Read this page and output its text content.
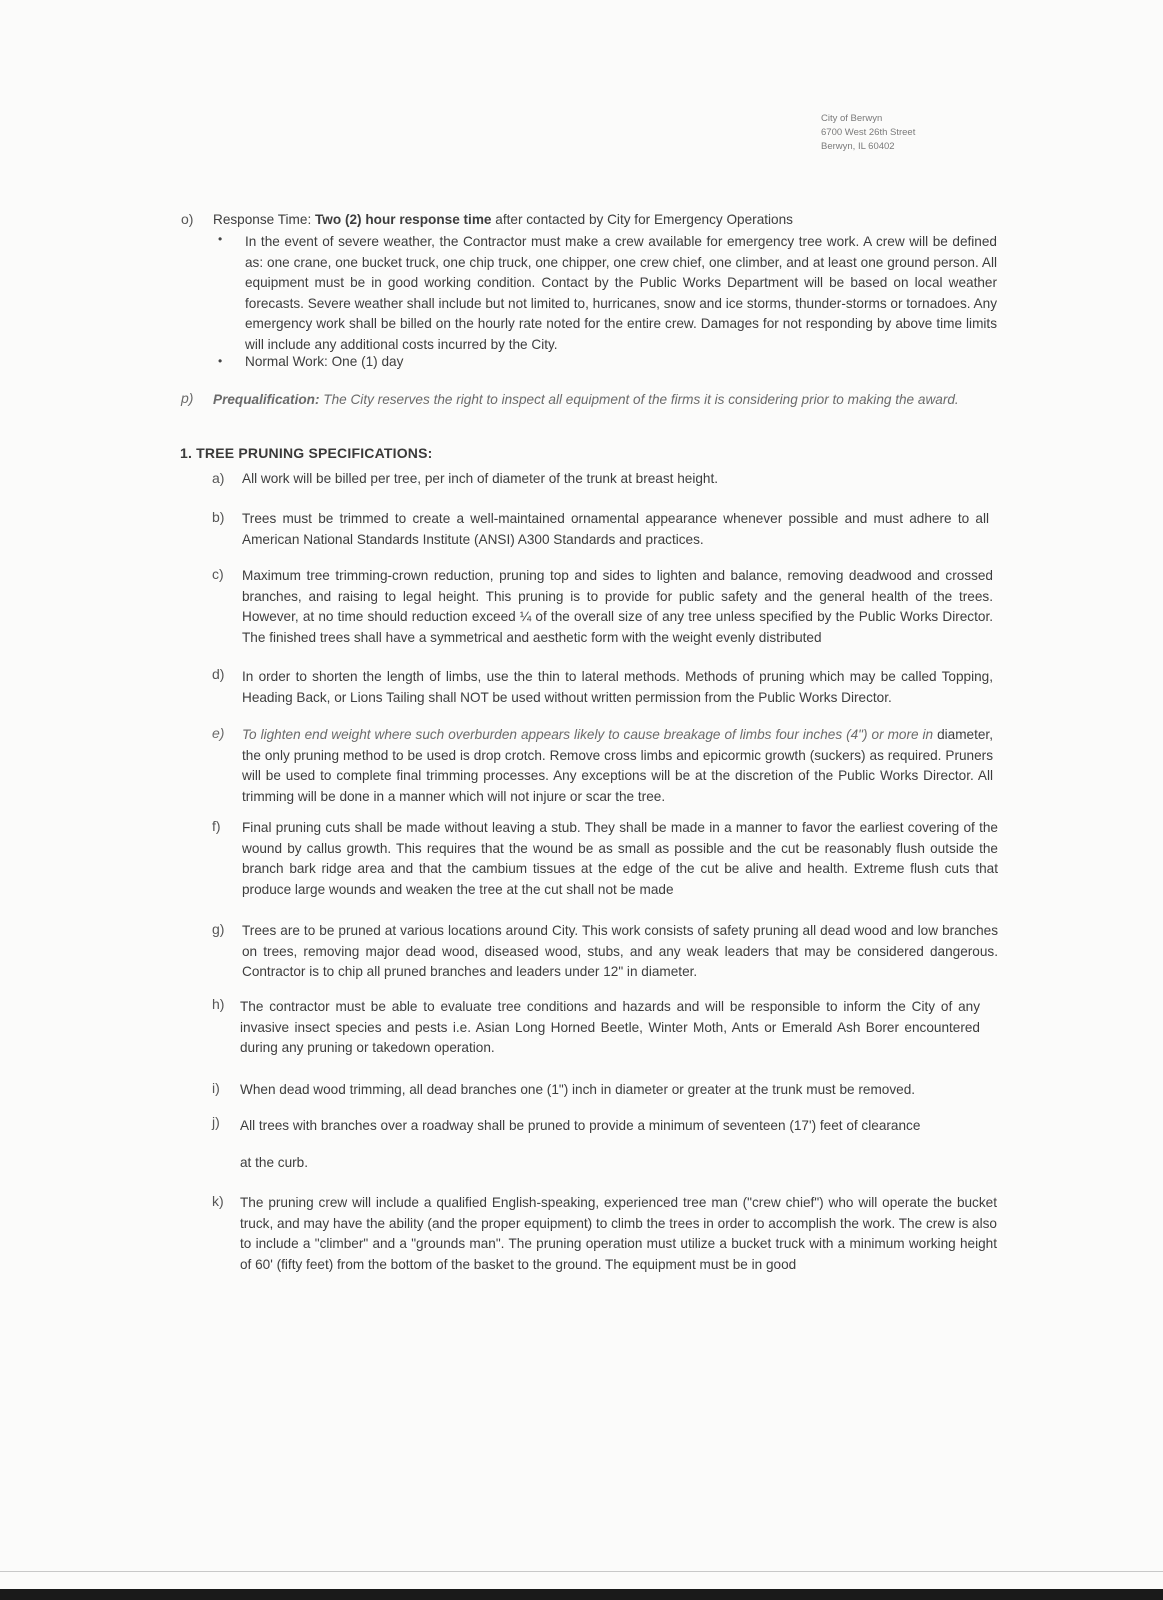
City of Berwyn
6700 West 26th Street
Berwyn, IL 60402
o) Response Time: Two (2) hour response time after contacted by City for Emergency Operations
• In the event of severe weather, the Contractor must make a crew available for emergency tree work. A crew will be defined as: one crane, one bucket truck, one chip truck, one chipper, one crew chief, one climber, and at least one ground person. All equipment must be in good working condition. Contact by the Public Works Department will be based on local weather forecasts. Severe weather shall include but not limited to, hurricanes, snow and ice storms, thunder-storms or tornadoes. Any emergency work shall be billed on the hourly rate noted for the entire crew. Damages for not responding by above time limits will include any additional costs incurred by the City.
• Normal Work: One (1) day
p) Prequalification: The City reserves the right to inspect all equipment of the firms it is considering prior to making the award.
1. TREE PRUNING SPECIFICATIONS:
a) All work will be billed per tree, per inch of diameter of the trunk at breast height.
b) Trees must be trimmed to create a well-maintained ornamental appearance whenever possible and must adhere to all American National Standards Institute (ANSI) A300 Standards and practices.
c) Maximum tree trimming-crown reduction, pruning top and sides to lighten and balance, removing deadwood and crossed branches, and raising to legal height. This pruning is to provide for public safety and the general health of the trees. However, at no time should reduction exceed ¼ of the overall size of any tree unless specified by the Public Works Director. The finished trees shall have a symmetrical and aesthetic form with the weight evenly distributed
d) In order to shorten the length of limbs, use the thin to lateral methods. Methods of pruning which may be called Topping, Heading Back, or Lions Tailing shall NOT be used without written permission from the Public Works Director.
e) To lighten end weight where such overburden appears likely to cause breakage of limbs four inches (4") or more in diameter, the only pruning method to be used is drop crotch. Remove cross limbs and epicormic growth (suckers) as required. Pruners will be used to complete final trimming processes. Any exceptions will be at the discretion of the Public Works Director. All trimming will be done in a manner which will not injure or scar the tree.
f) Final pruning cuts shall be made without leaving a stub. They shall be made in a manner to favor the earliest covering of the wound by callus growth. This requires that the wound be as small as possible and the cut be reasonably flush outside the branch bark ridge area and that the cambium tissues at the edge of the cut be alive and health. Extreme flush cuts that produce large wounds and weaken the tree at the cut shall not be made
g) Trees are to be pruned at various locations around City. This work consists of safety pruning all dead wood and low branches on trees, removing major dead wood, diseased wood, stubs, and any weak leaders that may be considered dangerous. Contractor is to chip all pruned branches and leaders under 12" in diameter.
h) The contractor must be able to evaluate tree conditions and hazards and will be responsible to inform the City of any invasive insect species and pests i.e. Asian Long Horned Beetle, Winter Moth, Ants or Emerald Ash Borer encountered during any pruning or takedown operation.
i) When dead wood trimming, all dead branches one (1") inch in diameter or greater at the trunk must be removed.
j) All trees with branches over a roadway shall be pruned to provide a minimum of seventeen (17') feet of clearance
at the curb.
k) The pruning crew will include a qualified English-speaking, experienced tree man ("crew chief") who will operate the bucket truck, and may have the ability (and the proper equipment) to climb the trees in order to accomplish the work. The crew is also to include a "climber" and a "grounds man". The pruning operation must utilize a bucket truck with a minimum working height of 60' (fifty feet) from the bottom of the basket to the ground. The equipment must be in good
